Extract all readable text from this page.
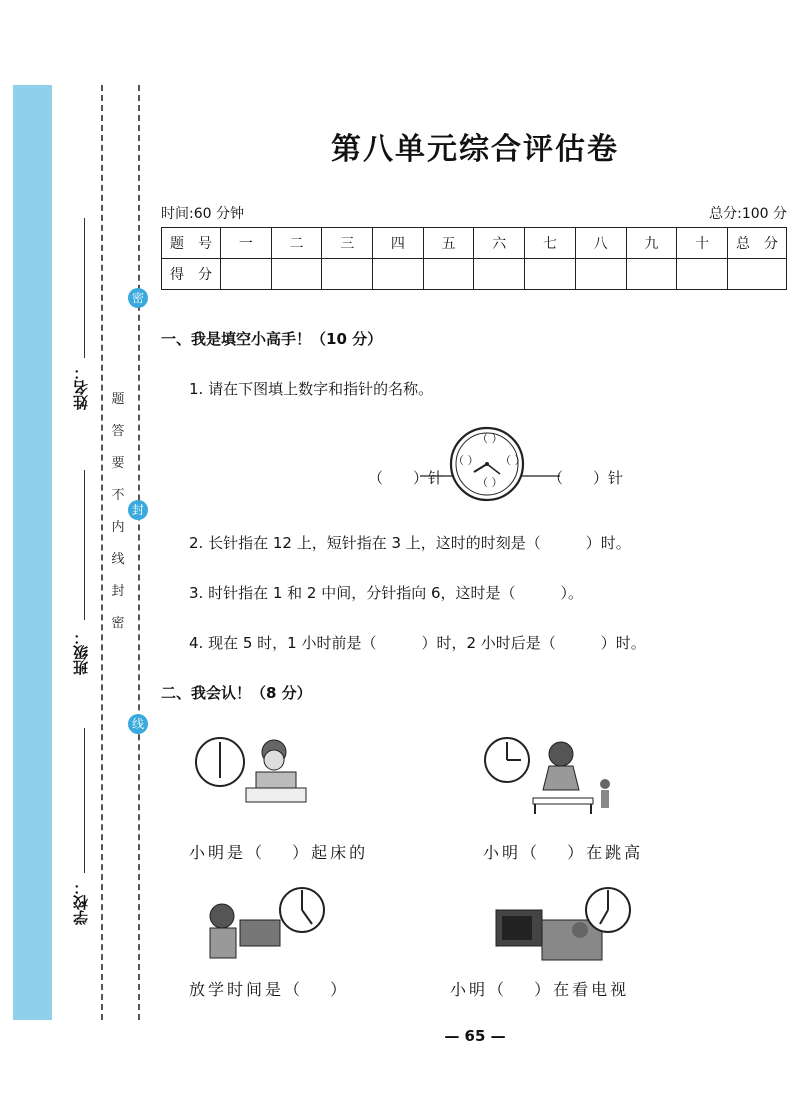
姓名：
班级：
学校：
密
封
线
内
不
要
答
题
密
封
线
第八单元综合评估卷
时间:60 分钟	总分:100 分
题　号	一	二	三	四	五	六	七	八	九	十	总　分
得　分											
一、我是填空小高手！（10 分）
1. 请在下图填上数字和指针的名称。
（　　）针	（　　）针
（ ）
（ ） （ ）
（ ）
2. 长针指在 12 上，短针指在 3 上，这时的时刻是（　　　）时。
3. 时针指在 1 和 2 中间，分针指向 6，这时是（　　　）。
4. 现在 5 时，1 小时前是（　　　）时，2 小时后是（　　　）时。
二、我会认！（8 分）
小明是（　 ）起床的	小明（　 ）在跳高
放学时间是（　 ）	小明（　 ）在看电视
— 65 —
